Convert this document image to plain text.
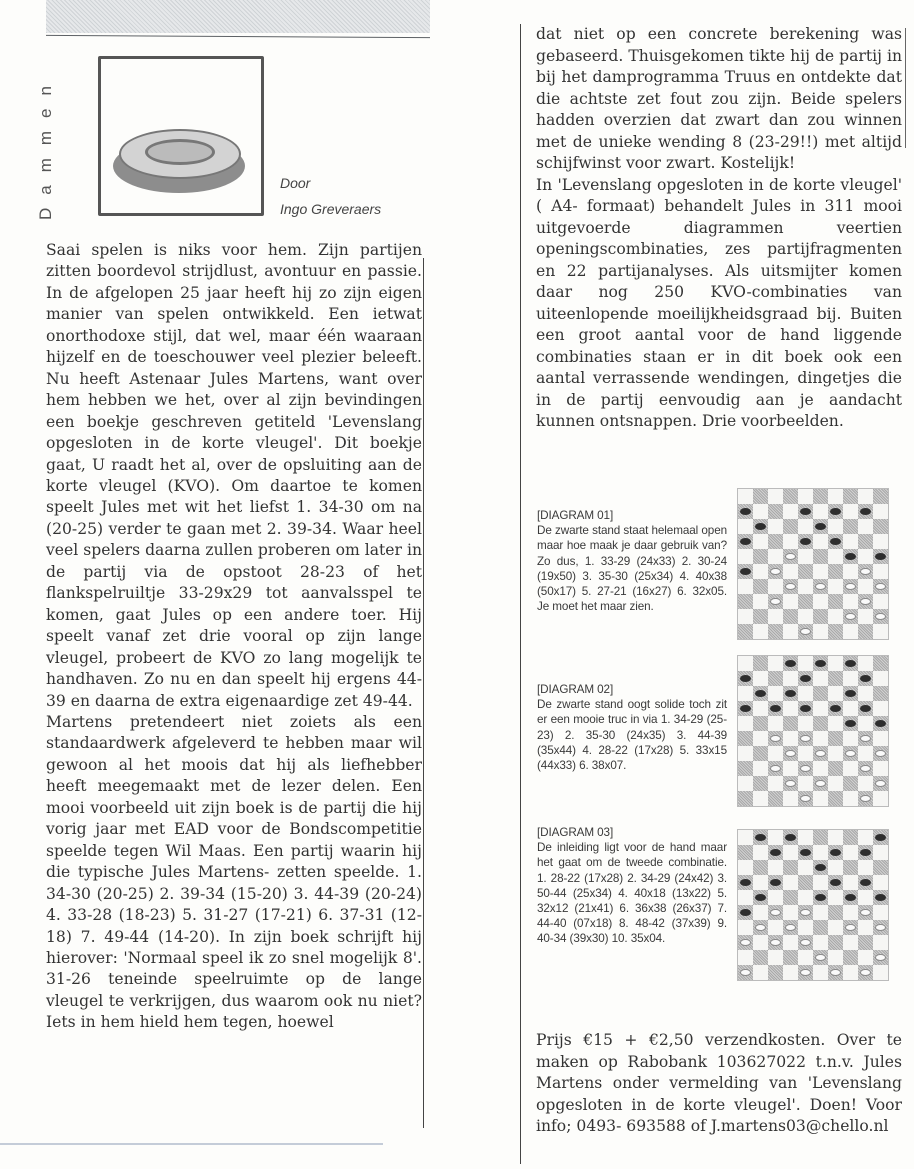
Dammen	Door
Ingo Greveraers

Saai spelen is niks voor hem. Zijn partijen zitten boordevol strijdlust, avontuur en passie. In de afgelopen 25 jaar heeft hij zo zijn eigen manier van spelen ontwikkeld. Een ietwat onorthodoxe stijl, dat wel, maar één waaraan hijzelf en de toeschouwer veel plezier beleeft. Nu heeft Astenaar Jules Martens, want over hem hebben we het, over al zijn bevindingen een boekje geschreven getiteld 'Levenslang opgesloten in de korte vleugel'. Dit boekje gaat, U raadt het al, over de opsluiting aan de korte vleugel (KVO). Om daartoe te komen speelt Jules met wit het liefst 1. 34-30 om na (20-25) verder te gaan met 2. 39-34. Waar heel veel spelers daarna zullen proberen om later in de partij via de opstoot 28-23 of het flankspelruiltje 33-29x29 tot aanvalsspel te komen, gaat Jules op een andere toer. Hij speelt vanaf zet drie vooral op zijn lange vleugel, probeert de KVO zo lang mogelijk te handhaven. Zo nu en dan speelt hij ergens 44-39 en daarna de extra eigenaardige zet 49-44.

Martens pretendeert niet zoiets als een standaardwerk afgeleverd te hebben maar wil gewoon al het moois dat hij als liefhebber heeft meegemaakt met de lezer delen. Een mooi voorbeeld uit zijn boek is de partij die hij vorig jaar met EAD voor de Bondscompetitie speelde tegen Wil Maas. Een partij waarin hij die typische Jules Martens- zetten speelde. 1. 34-30 (20-25) 2. 39-34 (15-20) 3. 44-39 (20-24) 4. 33-28 (18-23) 5. 31-27 (17-21) 6. 37-31 (12-18) 7. 49-44 (14-20). In zijn boek schrijft hij hierover: 'Normaal speel ik zo snel mogelijk 8'. 31-26 teneinde speelruimte op de lange vleugel te verkrijgen, dus waarom ook nu niet? Iets in hem hield hem tegen, hoewel

dat niet op een concrete berekening was gebaseerd. Thuisgekomen tikte hij de partij in bij het damprogramma Truus en ontdekte dat die achtste zet fout zou zijn. Beide spelers hadden overzien dat zwart dan zou winnen met de unieke wending 8 (23-29!!) met altijd schijfwinst voor zwart. Kostelijk!

In 'Levenslang opgesloten in de korte vleugel' ( A4- formaat) behandelt Jules in 311 mooi uitgevoerde diagrammen veertien openingscombinaties, zes partijfragmenten en 22 partijanalyses. Als uitsmijter komen daar nog 250 KVO-combinaties van uiteenlopende moeilijkheidsgraad bij. Buiten een groot aantal voor de hand liggende combinaties staan er in dit boek ook een aantal verrassende wendingen, dingetjes die in de partij eenvoudig aan je aandacht kunnen ontsnappen. Drie voorbeelden.

[DIAGRAM 01]
De zwarte stand staat helemaal open maar hoe maak je daar gebruik van? Zo dus, 1. 33-29 (24x33) 2. 30-24 (19x50) 3. 35-30 (25x34) 4. 40x38 (50x17) 5. 27-21 (16x27) 6. 32x05. Je moet het maar zien.
[DIAGRAM 02]
De zwarte stand oogt solide toch zit er een mooie truc in via 1. 34-29 (25-23) 2. 35-30 (24x35) 3. 44-39 (35x44) 4. 28-22 (17x28) 5. 33x15 (44x33) 6. 38x07.
[DIAGRAM 03]
De inleiding ligt voor de hand maar het gaat om de tweede combinatie. 1. 28-22 (17x28) 2. 34-29 (24x42) 3. 50-44 (25x34) 4. 40x18 (13x22) 5. 32x12 (21x41) 6. 36x38 (26x37) 7. 44-40 (07x18) 8. 48-42 (37x39) 9. 40-34 (39x30) 10. 35x04.
Prijs €15 + €2,50 verzendkosten. Over te maken op Rabobank 103627022 t.n.v. Jules Martens onder vermelding van 'Levenslang opgesloten in de korte vleugel'. Doen! Voor info; 0493- 693588 of J.martens03@chello.nl
